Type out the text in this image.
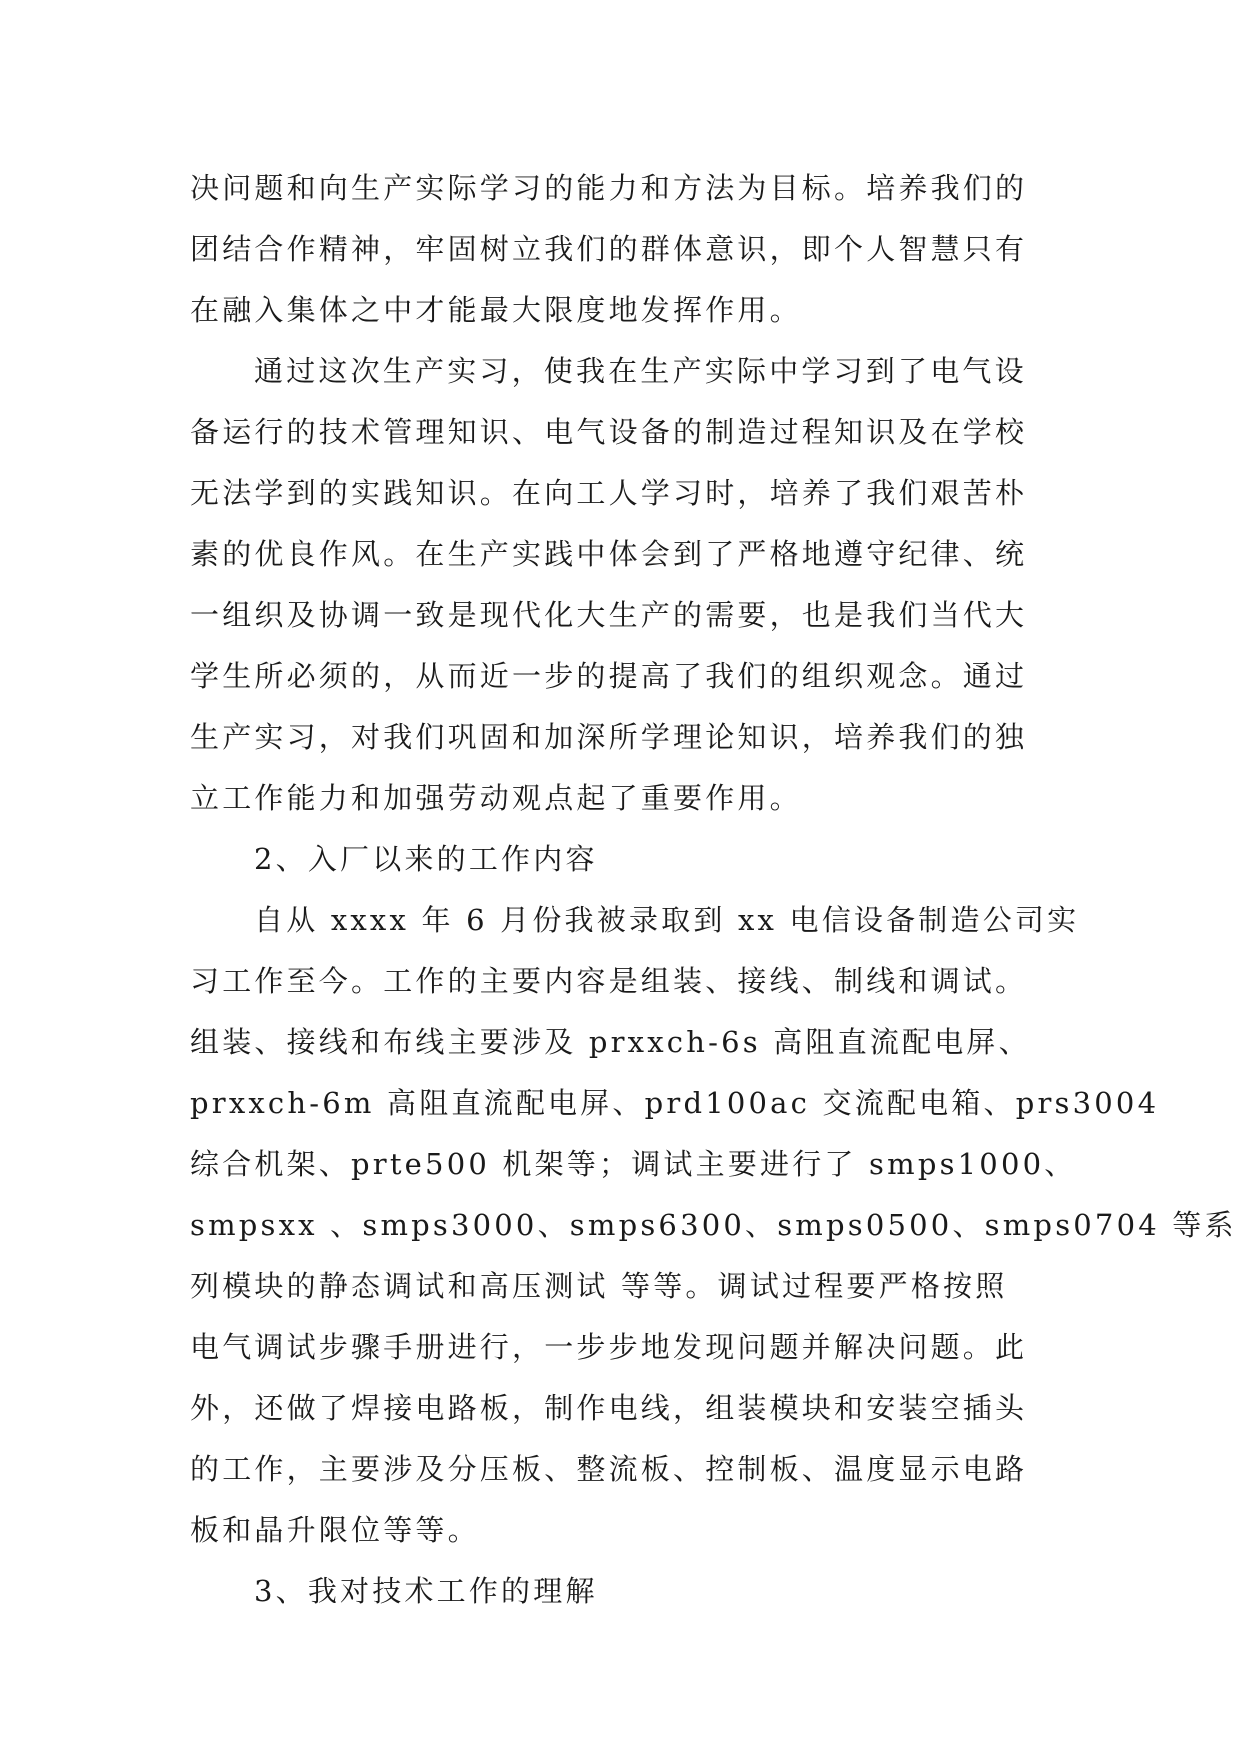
决问题和向生产实际学习的能力和方法为目标。培养我们的
团结合作精神，牢固树立我们的群体意识，即个人智慧只有
在融入集体之中才能最大限度地发挥作用。
通过这次生产实习，使我在生产实际中学习到了电气设
备运行的技术管理知识、电气设备的制造过程知识及在学校
无法学到的实践知识。在向工人学习时，培养了我们艰苦朴
素的优良作风。在生产实践中体会到了严格地遵守纪律、统
一组织及协调一致是现代化大生产的需要，也是我们当代大
学生所必须的，从而近一步的提高了我们的组织观念。通过
生产实习，对我们巩固和加深所学理论知识，培养我们的独
立工作能力和加强劳动观点起了重要作用。
2、入厂以来的工作内容
自从 xxxx 年 6 月份我被录取到 xx 电信设备制造公司实
习工作至今。工作的主要内容是组装、接线、制线和调试。
组装、接线和布线主要涉及 prxxch-6s 高阻直流配电屏、
prxxch-6m 高阻直流配电屏、prd100ac 交流配电箱、prs3004
综合机架、prte500 机架等；调试主要进行了 smps1000、
smpsxx 、smps3000、smps6300、smps0500、smps0704 等系
列模块的静态调试和高压测试 等等。调试过程要严格按照
电气调试步骤手册进行，一步步地发现问题并解决问题。此
外，还做了焊接电路板，制作电线，组装模块和安装空插头
的工作，主要涉及分压板、整流板、控制板、温度显示电路
板和晶升限位等等。
3、我对技术工作的理解
